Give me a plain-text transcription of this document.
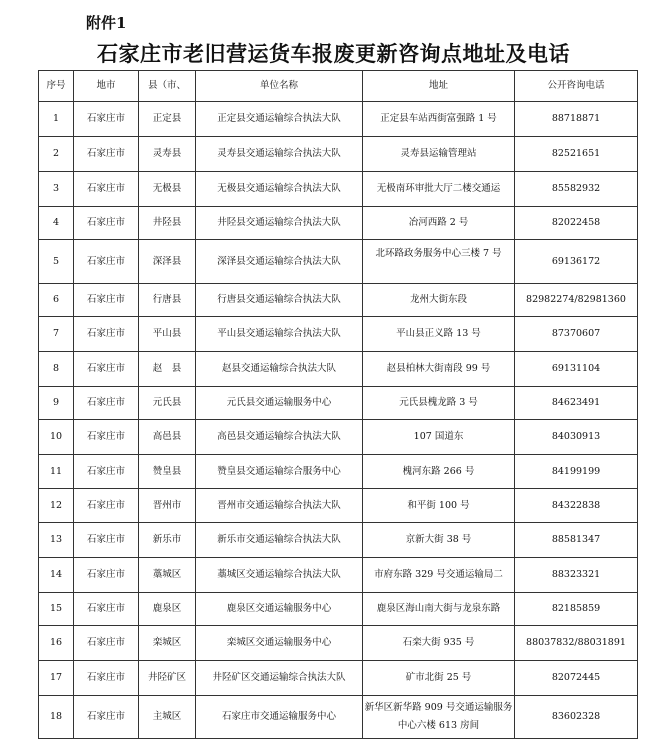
附件1
石家庄市老旧营运货车报废更新咨询点地址及电话
序号	地市	县（市、	单位名称	地址	公开咨询电话
1	石家庄市	正定县	正定县交通运输综合执法大队	正定县车站西街富强路 1 号	88718871
2	石家庄市	灵寿县	灵寿县交通运输综合执法大队	灵寿县运输管理站	82521651
3	石家庄市	无极县	无极县交通运输综合执法大队	无极南环审批大厅二楼交通运	85582932
4	石家庄市	井陉县	井陉县交通运输综合执法大队	冶河西路 2 号	82022458
5	石家庄市	深泽县	深泽县交通运输综合执法大队	北环路政务服务中心三楼 7 号	69136172
6	石家庄市	行唐县	行唐县交通运输综合执法大队	龙州大街东段	82982274/82981360
7	石家庄市	平山县	平山县交通运输综合执法大队	平山县正义路 13 号	87370607
8	石家庄市	赵　县	赵县交通运输综合执法大队	赵县柏林大街南段 99 号	69131104
9	石家庄市	元氏县	元氏县交通运输服务中心	元氏县槐龙路 3 号	84623491
10	石家庄市	高邑县	高邑县交通运输综合执法大队	107 国道东	84030913
11	石家庄市	赞皇县	赞皇县交通运输综合服务中心	槐河东路 266 号	84199199
12	石家庄市	晋州市	晋州市交通运输综合执法大队	和平街 100 号	84322838
13	石家庄市	新乐市	新乐市交通运输综合执法大队	京新大街 38 号	88581347
14	石家庄市	藁城区	藁城区交通运输综合执法大队	市府东路 329 号交通运输局二	88323321
15	石家庄市	鹿泉区	鹿泉区交通运输服务中心	鹿泉区海山南大街与龙泉东路	82185859
16	石家庄市	栾城区	栾城区交通运输服务中心	石栾大街 935 号	88037832/88031891
17	石家庄市	井陉矿区	井陉矿区交通运输综合执法大队	矿市北街 25 号	82072445
18	石家庄市	主城区	石家庄市交通运输服务中心	新华区新华路 909 号交通运输服务中心六楼 613 房间	83602328
